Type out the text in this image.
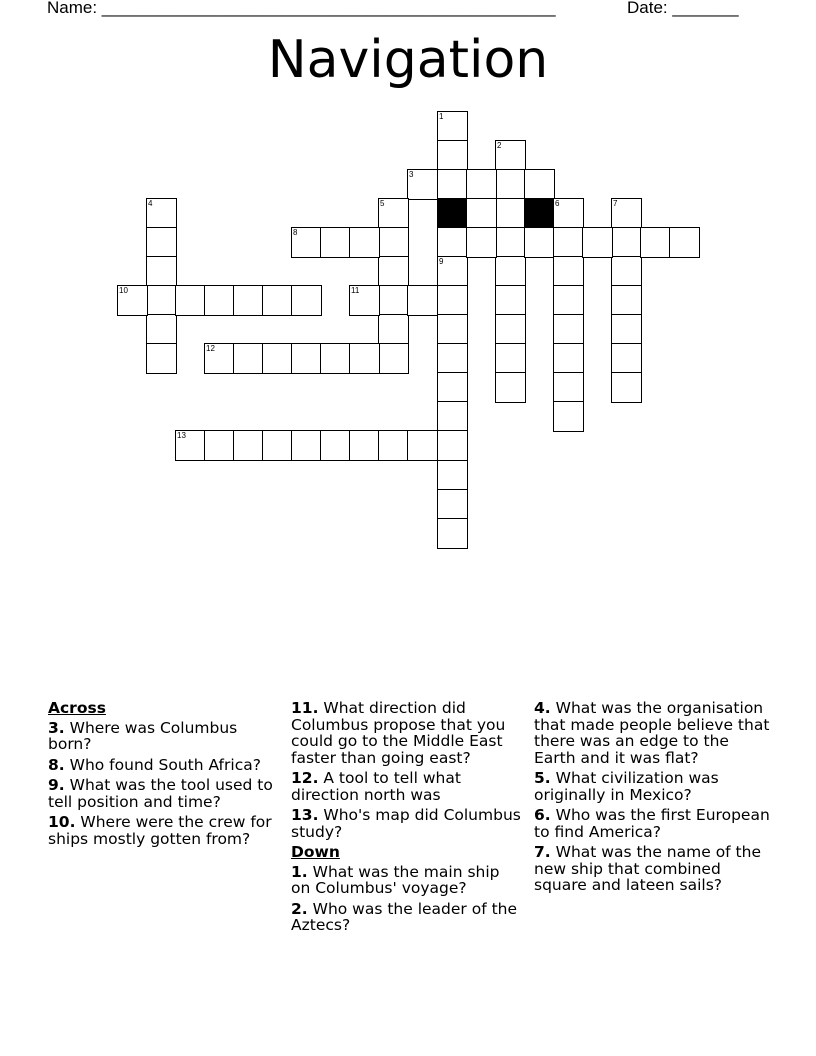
Name: ________________________________________________	Date: _______
Navigation
1
9
2
3
6	7
4	5
8
10	11
12
13
Across
3. Where was Columbus born?
8. Who found South Africa?
9. What was the tool used to tell position and time?
10. Where were the crew for ships mostly gotten from?
11. What direction did Columbus propose that you could go to the Middle East faster than going east?
12. A tool to tell what direction north was
13. Who's map did Columbus study?
Down
1. What was the main ship on Columbus' voyage?
2. Who was the leader of the Aztecs?
4. What was the organisation that made people believe that there was an edge to the Earth and it was flat?
5. What civilization was originally in Mexico?
6. Who was the first European to find America?
7. What was the name of the new ship that combined square and lateen sails?
